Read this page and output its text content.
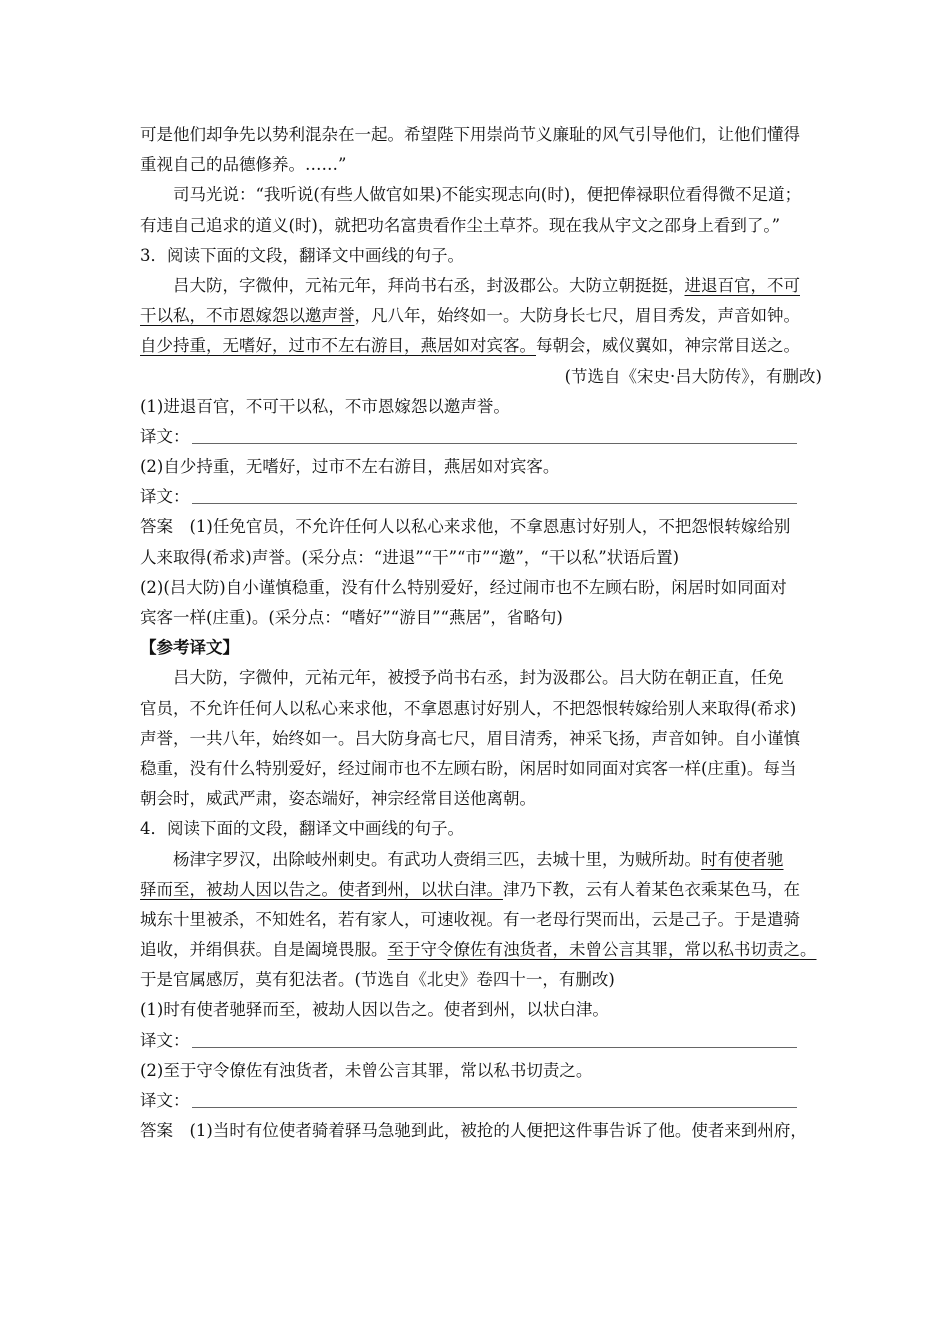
可是他们却争先以势利混杂在一起。希望陛下用崇尚节义廉耻的风气引导他们，让他们懂得
重视自己的品德修养。……”
司马光说：“我听说(有些人做官如果)不能实现志向(时)，便把俸禄职位看得微不足道；
有违自己追求的道义(时)，就把功名富贵看作尘土草芥。现在我从宇文之邵身上看到了。”
3．阅读下面的文段，翻译文中画线的句子。
吕大防，字微仲，元祐元年，拜尚书右丞，封汲郡公。大防立朝挺挺，进退百官，不可
干以私，不市恩嫁怨以邀声誉，凡八年，始终如一。大防身长七尺，眉目秀发，声音如钟。
自少持重，无嗜好，过市不左右游目，燕居如对宾客。每朝会，威仪翼如，神宗常目送之。
(节选自《宋史·吕大防传》，有删改)
(1)进退百官，不可干以私，不市恩嫁怨以邀声誉。
译文：
(2)自少持重，无嗜好，过市不左右游目，燕居如对宾客。
译文：
答案　(1)任免官员，不允许任何人以私心来求他，不拿恩惠讨好别人，不把怨恨转嫁给别
人来取得(希求)声誉。(采分点：“进退”“干”“市”“邀”，“干以私”状语后置)
(2)(吕大防)自小谨慎稳重，没有什么特别爱好，经过闹市也不左顾右盼，闲居时如同面对
宾客一样(庄重)。(采分点：“嗜好”“游目”“燕居”，省略句)
【参考译文】
吕大防，字微仲，元祐元年，被授予尚书右丞，封为汲郡公。吕大防在朝正直，任免
官员，不允许任何人以私心来求他，不拿恩惠讨好别人，不把怨恨转嫁给别人来取得(希求)
声誉，一共八年，始终如一。吕大防身高七尺，眉目清秀，神采飞扬，声音如钟。自小谨慎
稳重，没有什么特别爱好，经过闹市也不左顾右盼，闲居时如同面对宾客一样(庄重)。每当
朝会时，威武严肃，姿态端好，神宗经常目送他离朝。
4．阅读下面的文段，翻译文中画线的句子。
杨津字罗汉，出除岐州刺史。有武功人赍绢三匹，去城十里，为贼所劫。时有使者驰
驿而至，被劫人因以告之。使者到州，以状白津。津乃下教，云有人着某色衣乘某色马，在
城东十里被杀，不知姓名，若有家人，可速收视。有一老母行哭而出，云是己子。于是遣骑
追收，并绢俱获。自是阖境畏服。至于守令僚佐有浊货者，未曾公言其罪，常以私书切责之。
于是官属感厉，莫有犯法者。(节选自《北史》卷四十一，有删改)
(1)时有使者驰驿而至，被劫人因以告之。使者到州，以状白津。
译文：
(2)至于守令僚佐有浊货者，未曾公言其罪，常以私书切责之。
译文：
答案　(1)当时有位使者骑着驿马急驰到此，被抢的人便把这件事告诉了他。使者来到州府，
